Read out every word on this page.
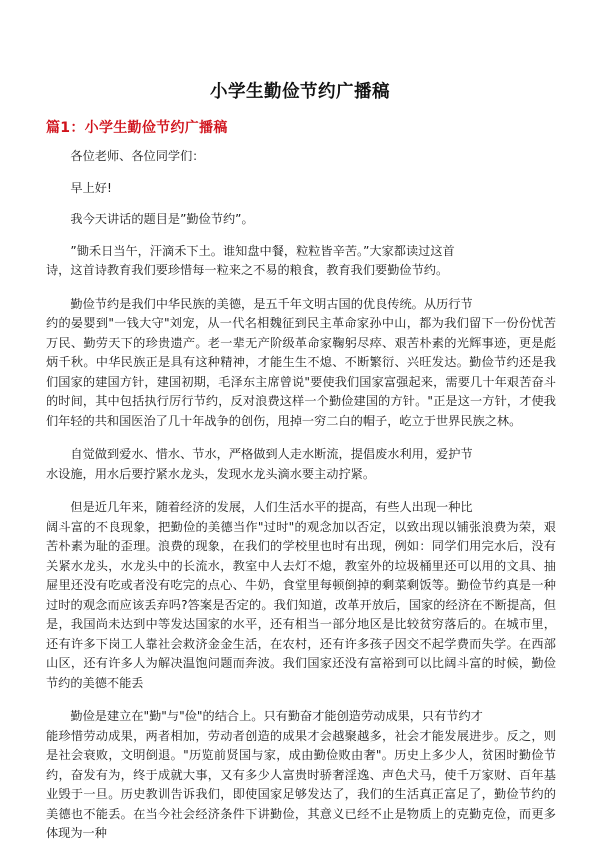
小学生勤俭节约广播稿
篇1：小学生勤俭节约广播稿

各位老师、各位同学们：

早上好!

我今天讲话的题目是”勤俭节约”。

”锄禾日当午，汗滴禾下土。谁知盘中餐，粒粒皆辛苦。”大家都读过这首
诗，这首诗教育我们要珍惜每一粒来之不易的粮食，教育我们要勤俭节约。

勤俭节约是我们中华民族的美德，是五千年文明古国的优良传统。从历行节
约的晏婴到"一钱大守"刘宠，从一代名相魏征到民主革命家孙中山，都为我们留下一份份忧苦万民、勤劳天下的珍贵遗产。老一辈无产阶级革命家鞠躬尽瘁、艰苦朴素的光辉事迹，更是彪炳千秋。中华民族正是具有这种精神，才能生生不熄、不断繁衍、兴旺发达。勤俭节约还是我们国家的建国方针，建国初期，毛泽东主席曾说"要使我们国家富强起来，需要几十年艰苦奋斗的时间，其中包括执行厉行节约，反对浪费这样一个勤俭建国的方针。"正是这一方针，才使我们年轻的共和国医治了几十年战争的创伤，甩掉一穷二白的帽子，屹立于世界民族之林。

自觉做到爱水、惜水、节水，严格做到人走水断流，提倡废水利用，爱护节
水设施，用水后要拧紧水龙头，发现水龙头滴水要主动拧紧。

但是近几年来，随着经济的发展，人们生活水平的提高，有些人出现一种比
阔斗富的不良现象，把勤俭的美德当作"过时"的观念加以否定，以致出现以铺张浪费为荣，艰苦朴素为耻的歪理。浪费的现象，在我们的学校里也时有出现，例如：同学们用完水后，没有关紧水龙头，水龙头中的长流水，教室中人去灯不熄，教室外的垃圾桶里还可以用的文具、抽屉里还没有吃或者没有吃完的点心、牛奶，食堂里每顿倒掉的剩菜剩饭等。勤俭节约真是一种过时的观念而应该丢弃吗?答案是否定的。我们知道，改革开放后，国家的经济在不断提高，但是，我国尚未达到中等发达国家的水平，还有相当一部分地区是比较贫穷落后的。在城市里，还有许多下岗工人靠社会救济金金生活，在农村，还有许多孩子因交不起学费而失学。在西部山区，还有许多人为解决温饱问题而奔波。我们国家还没有富裕到可以比阔斗富的时候，勤俭节约的美德不能丢

勤俭是建立在"勤"与"俭"的结合上。只有勤奋才能创造劳动成果，只有节约才
能珍惜劳动成果，两者相加，劳动者创造的成果才会越聚越多，社会才能发展进步。反之，则是社会衰败，文明倒退。"历览前贤国与家，成由勤俭败由奢"。历史上多少人，贫困时勤俭节约，奋发有为，终于成就大事，又有多少人富贵时骄奢淫逸、声色犬马，使千万家财、百年基业毁于一旦。历史教训告诉我们，即使国家足够发达了，我们的生活真正富足了，勤俭节约的美德也不能丢。在当今社会经济条件下讲勤俭，其意义已经不止是物质上的克勤克俭，而更多体现为一种
